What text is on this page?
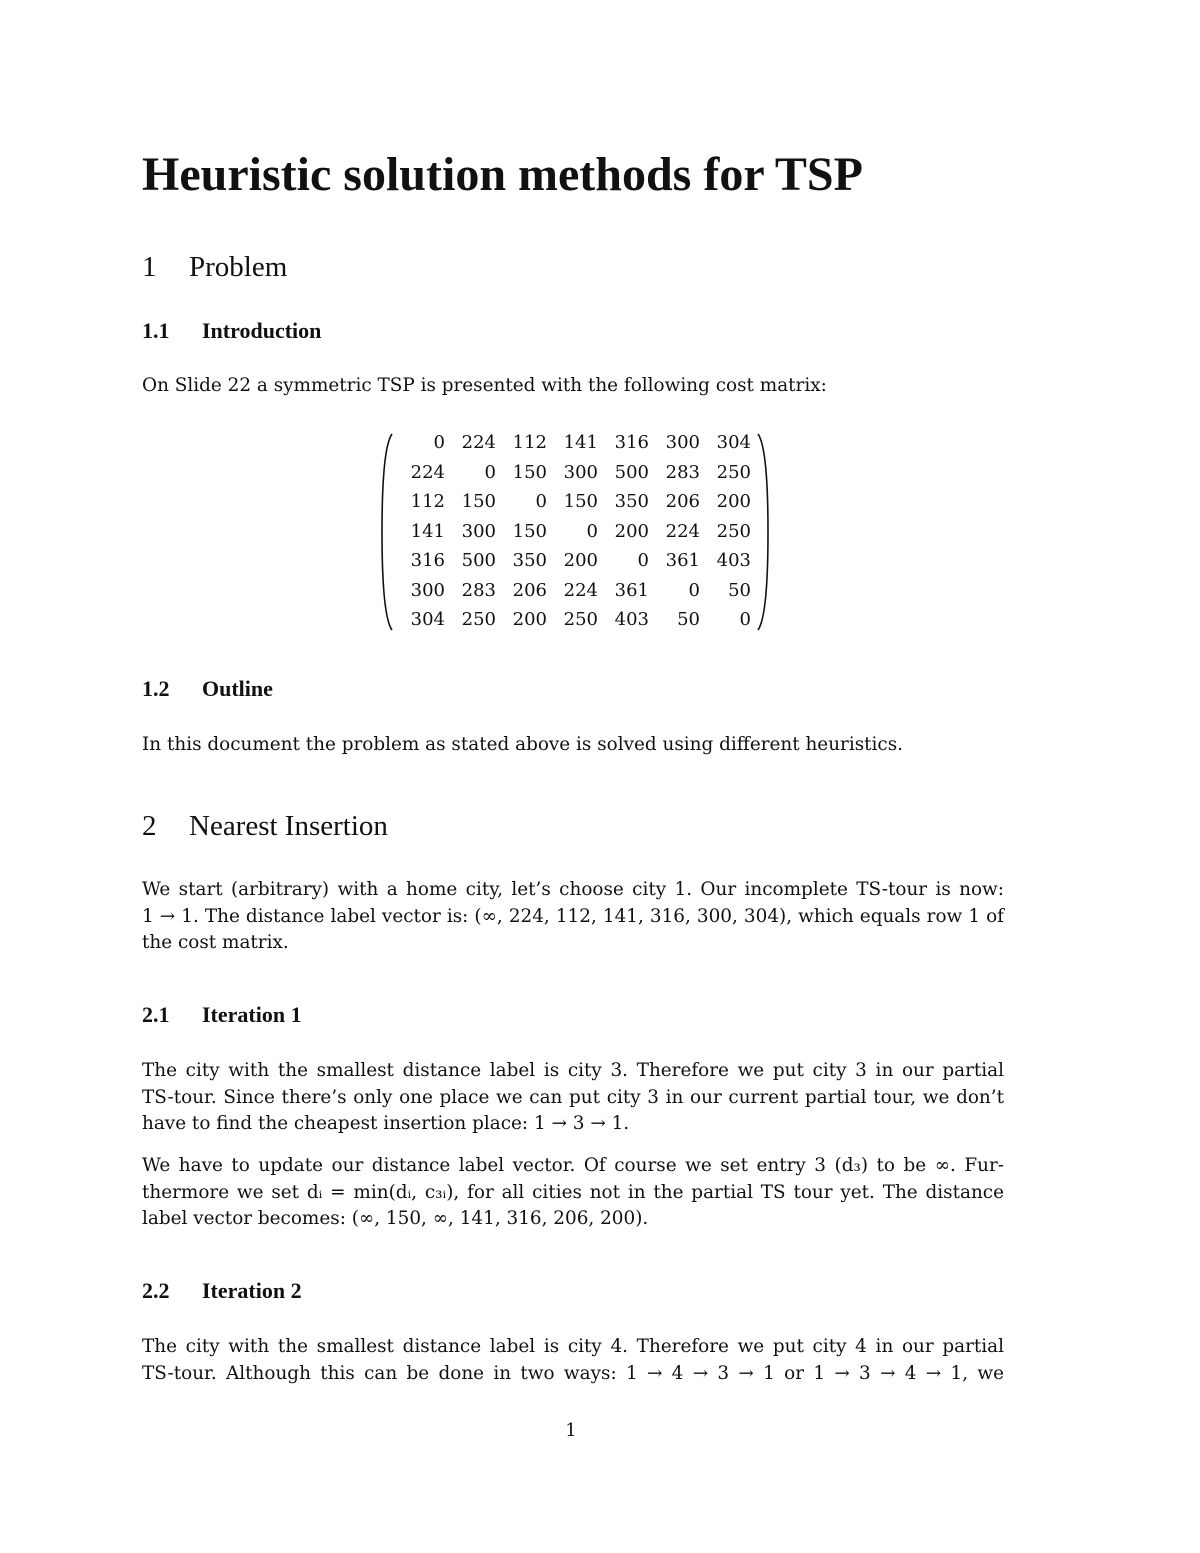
Heuristic solution methods for TSP
1 Problem
1.1 Introduction

On Slide 22 a symmetric TSP is presented with the following cost matrix:

0	224	112	141	316	300	304
224	0	150	300	500	283	250
112	150	0	150	350	206	200
141	300	150	0	200	224	250
316	500	350	200	0	361	403
300	283	206	224	361	0	50
304	250	200	250	403	50	0
1.2 Outline

In this document the problem as stated above is solved using different heuristics.

2 Nearest Insertion

We start (arbitrary) with a home city, let’s choose city 1. Our incomplete TS-tour is now:
1 → 1. The distance label vector is: (∞, 224, 112, 141, 316, 300, 304), which equals row 1 of
the cost matrix.

2.1 Iteration 1

The city with the smallest distance label is city 3. Therefore we put city 3 in our partial
TS-tour. Since there’s only one place we can put city 3 in our current partial tour, we don’t
have to find the cheapest insertion place: 1 → 3 → 1.

We have to update our distance label vector. Of course we set entry 3 (d₃) to be ∞. Fur-
thermore we set dᵢ = min(dᵢ, c₃ᵢ), for all cities not in the partial TS tour yet. The distance
label vector becomes: (∞, 150, ∞, 141, 316, 206, 200).

2.2 Iteration 2

The city with the smallest distance label is city 4. Therefore we put city 4 in our partial
TS-tour. Although this can be done in two ways: 1 → 4 → 3 → 1 or 1 → 3 → 4 → 1, we

1
